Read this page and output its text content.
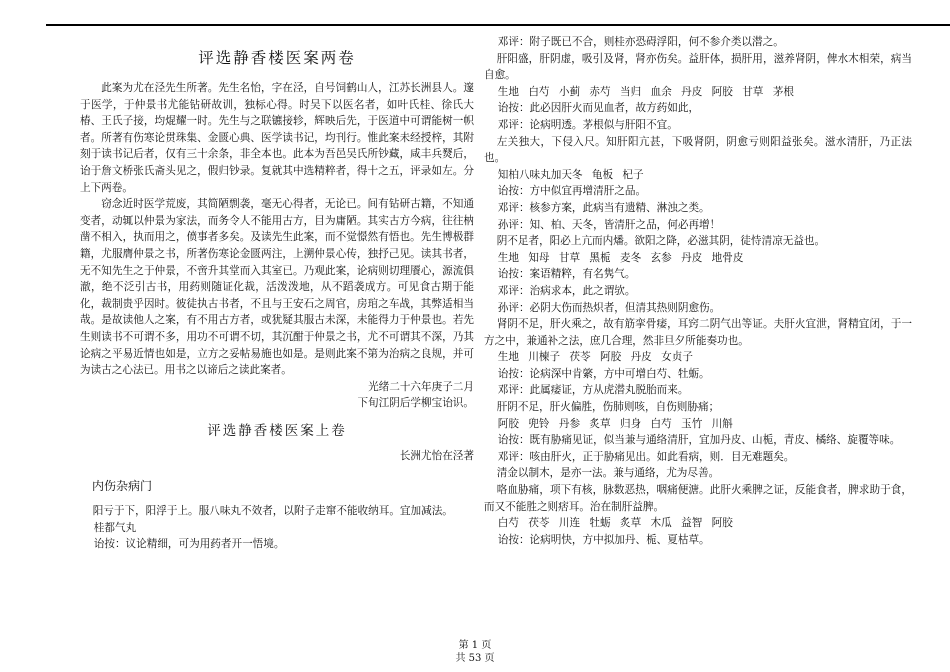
评选静香楼医案两卷

此案为尤在泾先生所著。先生名怡，字在泾，自号饲鹤山人，江苏长洲县人。邃于医学，于仲景书尤能钻研故训，独标心得。时吴下以医名者，如叶氏桂、徐氏大椿、王氏子接，均焜耀一时。先生与之联镳接轸，辉映后先，于医道中可谓能树一帜者。所著有伤寒论贯珠集、金匮心典、医学读书记，均刊行。惟此案未经授梓，其附刻于读书记后者，仅有三十余条，非全本也。此本为吾邑吴氏所钞藏，咸丰兵燹后，诒于詹文桥张氏斋头见之，假归钞录。复就其中选精粹者，得十之五，评录如左。分上下两卷。

窃念近时医学荒废，其简陋剽袭，毫无心得者，无论已。间有钻研古籍，不知通变者，动辄以仲景为家法，而务令人不能用古方，目为庸陋。其实古方今病，往往枘凿不相入，执而用之，偾事者多矣。及读先生此案，而不觉憬然有悟也。先生博极群籍，尤服膺仲景之书，所著伤寒论金匮两注，上溯仲景心传，独抒己见。读其书者，无不知先生之于仲景，不啻升其堂而入其室已。乃观此案，论病则切理餍心，源流俱澈，绝不泛引古书，用药则随证化裁，活泼泼地，从不蹈袭成方。可见食古期于能化，裁制贵乎因时。彼徒执古书者，不且与王安石之周官，房琯之车战，其弊适相当哉。是故读他人之案，有不用古方者，或犹疑其服古未深，未能得力于仲景也。若先生则读书不可谓不多，用功不可谓不切，其沉酣于仲景之书，尤不可谓其不深，乃其论病之平易近情也如是，立方之妥帖易施也如是。是则此案不第为治病之良规，并可为读古之心法已。用书之以谛后之读此案者。

光绪二十六年庚子二月

下旬江阴后学柳宝诒识。

评选静香楼医案上卷

长洲尤怡在泾著

内伤杂病门

阳亏于下，阳浮于上。服八味丸不效者，以附子走窜不能收纳耳。宜加减法。

桂都气丸

诒按：议论精细，可为用药者开一悟境。

邓评：附子既已不合，则桂亦恐碍浮阳，何不参介类以潜之。

肝阳盛，肝阴虚，吸引及肾，肾亦伤矣。益肝体，损肝用，滋养肾阴，俾水木相荣，病当自愈。

生地 白芍 小蓟 赤芍 当归 血余 丹皮 阿胶 甘草 茅根

诒按：此必因肝火而见血者，故方药如此，

邓评：论病明透。茅根似与肝阳不宜。

左关独大，下侵入尺。知肝阳亢甚，下吸肾阴，阴愈亏则阳益张矣。滋水清肝，乃正法也。

知柏八味丸加天冬 龟板 杞子

诒按：方中似宜再增清肝之品。

邓评：核参方案，此病当有遗精、淋浊之类。

孙评：知、柏、天冬，皆清肝之品，何必再增！

阴不足者，阳必上亢而内燔。欲阳之降，必滋其阴，徒恃清凉无益也。

生地 知母 甘草 黑栀 麦冬 玄参 丹皮 地骨皮

诒按：案语精粹，有名隽气。

邓评：治病求本，此之谓欤。

孙评：必阴大伤而热炽者，但清其热则阴愈伤。

肾阴不足，肝火乘之，故有筋挛骨痿，耳窍二阴气出等证。夫肝火宜泄，肾精宜闭，于一方之中，兼通补之法，庶几合理，然非旦夕所能奏功也。

生地 川楝子 茯苓 阿胶 丹皮 女贞子

诒按：论病深中肯綮，方中可增白芍、牡蛎。

邓评：此属痿证，方从虎潜丸脱胎而来。

肝阴不足，肝火偏胜，伤肺则咳，自伤则胁痛；

阿胶 兜铃 丹参 炙草 归身 白芍 玉竹 川斛

诒按：既有胁痛见证，似当兼与通络清肝，宜加丹皮、山栀，青皮、橘络、旋覆等味。

邓评：咳由肝火，正于胁痛见出。如此看病，则．目无难题矣。

清金以制木，是亦一法。兼与通络，尤为尽善。

咯血胁痛，项下有核，脉数恶热，咽痛便溏。此肝火乘脾之证，反能食者，脾求助于食，而又不能胜之则痞耳。治在制肝益脾。

白芍 茯苓 川连 牡蛎 炙草 木瓜 益智 阿胶

诒按：论病明快，方中拟加丹、栀、夏枯草。

第 1 页
共 53 页
